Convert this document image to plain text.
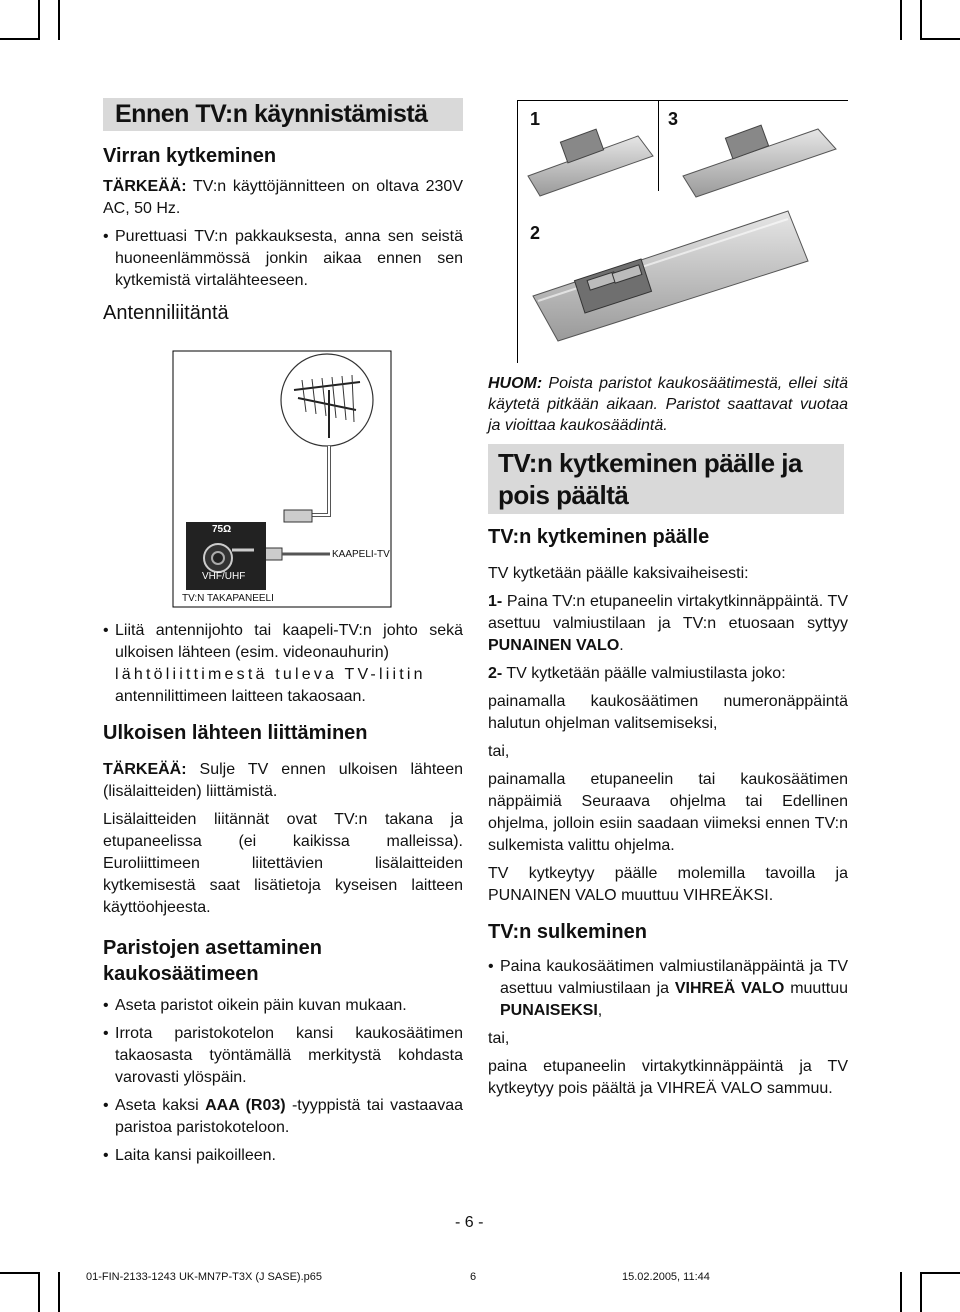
Ennen TV:n käynnistämistä
Virran kytkeminen
TÄRKEÄÄ: TV:n käyttöjännitteen on oltava 230V AC, 50 Hz.
• Purettuasi TV:n pakkauksesta, anna sen seistä huoneenlämmössä jonkin aikaa ennen sen kytkemistä virtalähteeseen.
Antenniliitäntä
75Ω
VHF/UHF
KAAPELI-TV
TV:N TAKAPANEELI
• Liitä antennijohto tai kaapeli-TV:n johto sekä ulkoisen lähteen (esim. videonauhurin)
lähtöliittimestä tuleva TV-liitin
antennilittimeen laitteen takaosaan.
Ulkoisen lähteen liittäminen
TÄRKEÄÄ: Sulje TV ennen ulkoisen lähteen (lisälaitteiden) liittämistä.
Lisälaitteiden liitännät ovat TV:n takana ja etupaneelissa (ei kaikissa malleissa). Euroliittimeen liitettävien lisälaitteiden kytkemisestä saat lisätietoja kyseisen laitteen käyttöohjeesta.
Paristojen asettaminen kaukosäätimeen
• Aseta paristot oikein päin kuvan mukaan.
• Irrota paristokotelon kansi kaukosäätimen takaosasta työntämällä merkitystä kohdasta varovasti ylöspäin.
• Aseta kaksi AAA (R03) -tyyppistä tai vastaavaa paristoa paristokoteloon.
• Laita kansi paikoilleen.
1	3
2
HUOM: Poista paristot kaukosäätimestä, ellei sitä käytetä pitkään aikaan. Paristot saattavat vuotaa ja vioittaa kaukosäädintä.
TV:n kytkeminen päälle ja pois päältä
TV:n kytkeminen päälle
TV kytketään päälle kaksivaiheisesti:
1- Paina TV:n etupaneelin virtakytkinnäppäintä. TV asettuu valmiustilaan ja TV:n etuosaan syttyy PUNAINEN VALO.
2- TV kytketään päälle valmiustilasta joko:
painamalla kaukosäätimen numeronäppäintä halutun ohjelman valitsemiseksi,
tai,
painamalla etupaneelin tai kaukosäätimen näppäimiä Seuraava ohjelma tai Edellinen ohjelma, jolloin esiin saadaan viimeksi ennen TV:n sulkemista valittu ohjelma.
TV kytkeytyy päälle molemilla tavoilla ja PUNAINEN VALO muuttuu VIHREÄKSI.
TV:n sulkeminen
• Paina kaukosäätimen valmiustilanäppäintä ja TV asettuu valmiustilaan ja VIHREÄ VALO muuttuu PUNAISEKSI,
tai,
paina etupaneelin virtakytkinnäppäintä ja TV kytkeytyy pois päältä ja VIHREÄ VALO sammuu.
- 6 -
01-FIN-2133-1243 UK-MN7P-T3X (J SASE).p65	6	15.02.2005, 11:44
